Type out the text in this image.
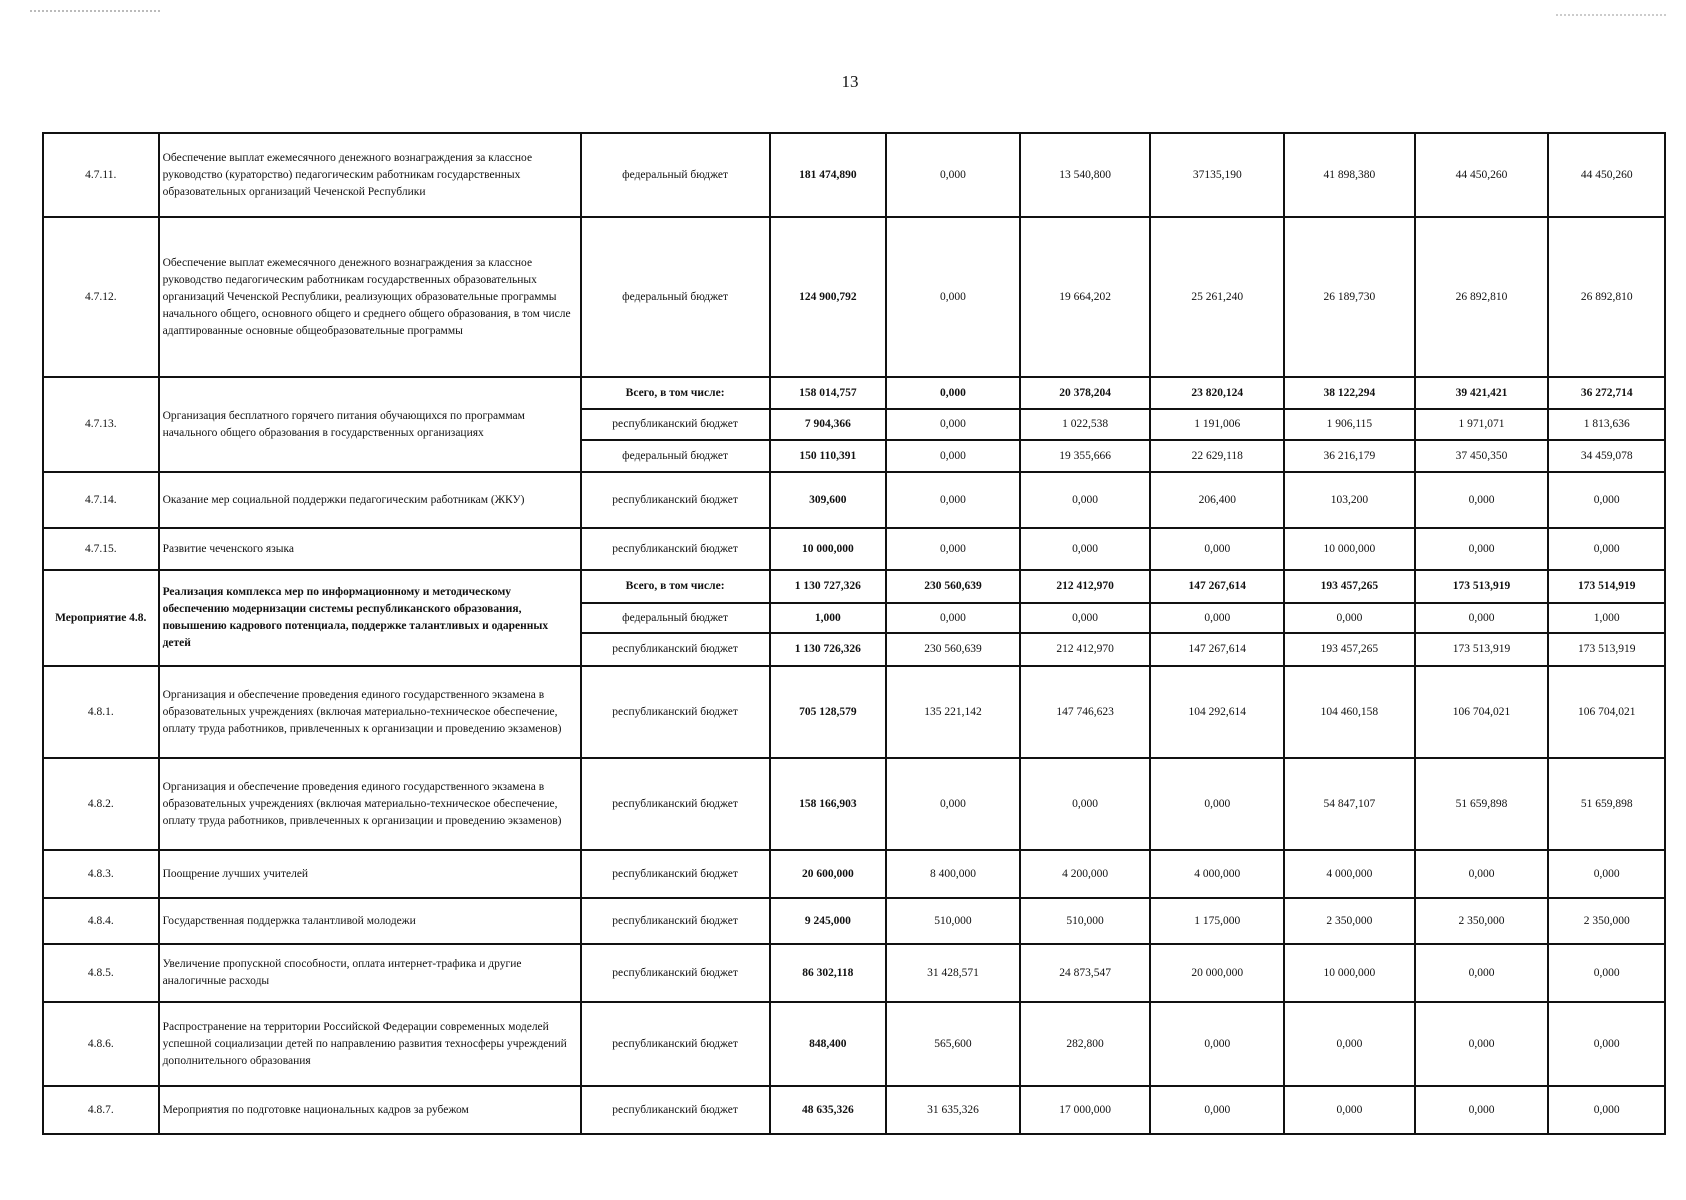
13
4.7.11.	Обеспечение выплат ежемесячного денежного вознаграждения за классное руководство (кураторство) педагогическим работникам государственных образовательных организаций Чеченской Республики	федеральный бюджет	181 474,890	0,000	13 540,800	37135,190	41 898,380	44 450,260	44 450,260
4.7.12.	Обеспечение выплат ежемесячного денежного вознаграждения за классное руководство педагогическим работникам государственных образовательных организаций Чеченской Республики, реализующих образовательные программы начального общего, основного общего и среднего общего образования, в том числе адаптированные основные общеобразовательные программы	федеральный бюджет	124 900,792	0,000	19 664,202	25 261,240	26 189,730	26 892,810	26 892,810
4.7.13.	Организация бесплатного горячего питания обучающихся по программам начального общего образования в государственных организациях	Всего, в том числе:	158 014,757	0,000	20 378,204	23 820,124	38 122,294	39 421,421	36 272,714
		республиканский бюджет	7 904,366	0,000	1 022,538	1 191,006	1 906,115	1 971,071	1 813,636
		федеральный бюджет	150 110,391	0,000	19 355,666	22 629,118	36 216,179	37 450,350	34 459,078
4.7.14.	Оказание мер социальной поддержки педагогическим работникам (ЖКУ)	республиканский бюджет	309,600	0,000	0,000	206,400	103,200	0,000	0,000
4.7.15.	Развитие чеченского языка	республиканский бюджет	10 000,000	0,000	0,000	0,000	10 000,000	0,000	0,000
Мероприятие 4.8.	Реализация комплекса мер по информационному и методическому обеспечению модернизации системы республиканского образования, повышению кадрового потенциала, поддержке талантливых и одаренных детей	Всего, в том числе:	1 130 727,326	230 560,639	212 412,970	147 267,614	193 457,265	173 513,919	173 514,919
		федеральный бюджет	1,000	0,000	0,000	0,000	0,000	0,000	1,000
		республиканский бюджет	1 130 726,326	230 560,639	212 412,970	147 267,614	193 457,265	173 513,919	173 513,919
4.8.1.	Организация и обеспечение проведения единого государственного экзамена в образовательных учреждениях (включая материально-техническое обеспечение, оплату труда работников, привлеченных к организации и проведению экзаменов)	республиканский бюджет	705 128,579	135 221,142	147 746,623	104 292,614	104 460,158	106 704,021	106 704,021
4.8.2.	Организация и обеспечение проведения единого государственного экзамена в образовательных учреждениях (включая материально-техническое обеспечение, оплату труда работников, привлеченных к организации и проведению экзаменов)	республиканский бюджет	158 166,903	0,000	0,000	0,000	54 847,107	51 659,898	51 659,898
4.8.3.	Поощрение лучших учителей	республиканский бюджет	20 600,000	8 400,000	4 200,000	4 000,000	4 000,000	0,000	0,000
4.8.4.	Государственная поддержка талантливой молодежи	республиканский бюджет	9 245,000	510,000	510,000	1 175,000	2 350,000	2 350,000	2 350,000
4.8.5.	Увеличение пропускной способности, оплата интернет-трафика и другие аналогичные расходы	республиканский бюджет	86 302,118	31 428,571	24 873,547	20 000,000	10 000,000	0,000	0,000
4.8.6.	Распространение на территории Российской Федерации современных моделей успешной социализации детей по направлению развития техносферы учреждений дополнительного образования	республиканский бюджет	848,400	565,600	282,800	0,000	0,000	0,000	0,000
4.8.7.	Мероприятия по подготовке национальных кадров за рубежом	республиканский бюджет	48 635,326	31 635,326	17 000,000	0,000	0,000	0,000	0,000
